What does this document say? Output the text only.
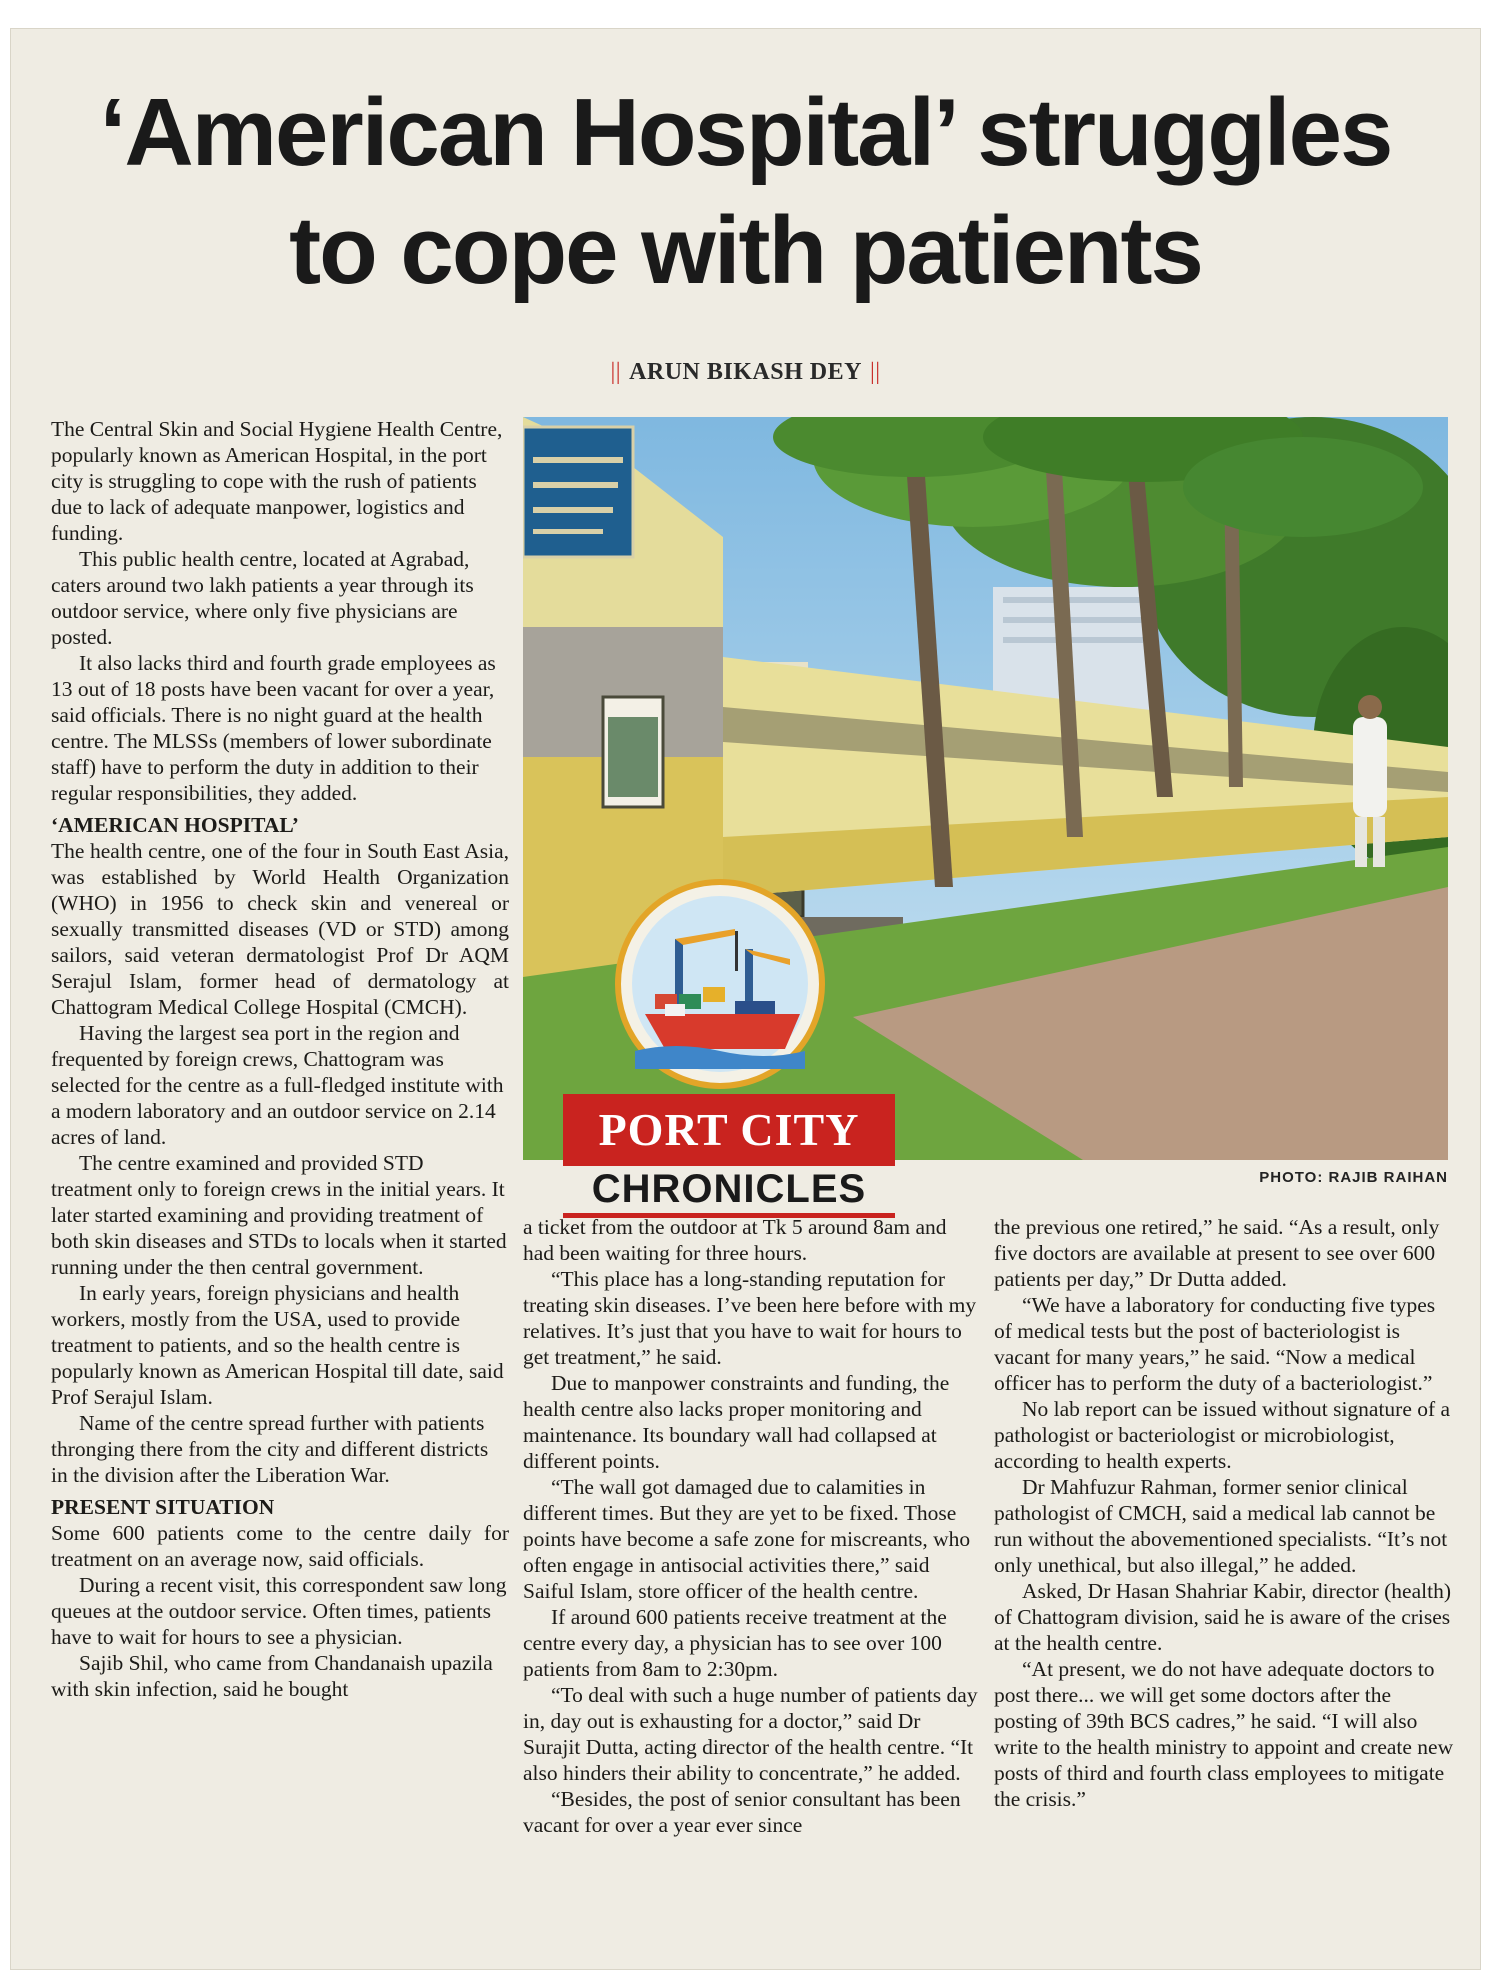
‘American Hospital’ struggles
to cope with patients
|| ARUN BIKASH DEY ||

The Central Skin and Social Hygiene Health Centre, popularly known as American Hospital, in the port city is struggling to cope with the rush of patients due to lack of adequate manpower, logistics and funding.

This public health centre, located at Agrabad, caters around two lakh patients a year through its outdoor service, where only five physicians are posted.

It also lacks third and fourth grade employees as 13 out of 18 posts have been vacant for over a year, said officials. There is no night guard at the health centre. The MLSSs (members of lower subordinate staff) have to perform the duty in addition to their regular responsibilities, they added.

‘AMERICAN HOSPITAL’

The health centre, one of the four in South East Asia, was established by World Health Organization (WHO) in 1956 to check skin and venereal or sexually transmitted diseases (VD or STD) among sailors, said veteran dermatologist Prof Dr AQM Serajul Islam, former head of dermatology at Chattogram Medical College Hospital (CMCH).

Having the largest sea port in the region and frequented by foreign crews, Chattogram was selected for the centre as a full-fledged institute with a modern laboratory and an outdoor service on 2.14 acres of land.

The centre examined and provided STD treatment only to foreign crews in the initial years. It later started examining and providing treatment of both skin diseases and STDs to locals when it started running under the then central government.

In early years, foreign physicians and health workers, mostly from the USA, used to provide treatment to patients, and so the health centre is popularly known as American Hospital till date, said Prof Serajul Islam.

Name of the centre spread further with patients thronging there from the city and different districts in the division after the Liberation War.

PRESENT SITUATION

Some 600 patients come to the centre daily for treatment on an average now, said officials.

During a recent visit, this correspondent saw long queues at the outdoor service. Often times, patients have to wait for hours to see a physician.

Sajib Shil, who came from Chandanaish upazila with skin infection, said he bought

PHOTO: RAJIB RAIHAN
PORT CITY
CHRONICLES

a ticket from the outdoor at Tk 5 around 8am and had been waiting for three hours.

“This place has a long-standing reputation for treating skin diseases. I’ve been here before with my relatives. It’s just that you have to wait for hours to get treatment,” he said.

Due to manpower constraints and funding, the health centre also lacks proper monitoring and maintenance. Its boundary wall had collapsed at different points.

“The wall got damaged due to calamities in different times. But they are yet to be fixed. Those points have become a safe zone for miscreants, who often engage in antisocial activities there,” said Saiful Islam, store officer of the health centre.

If around 600 patients receive treatment at the centre every day, a physician has to see over 100 patients from 8am to 2:30pm.

“To deal with such a huge number of patients day in, day out is exhausting for a doctor,” said Dr Surajit Dutta, acting director of the health centre. “It also hinders their ability to concentrate,” he added.

“Besides, the post of senior consultant has been vacant for over a year ever since

the previous one retired,” he said. “As a result, only five doctors are available at present to see over 600 patients per day,” Dr Dutta added.

“We have a laboratory for conducting five types of medical tests but the post of bacteriologist is vacant for many years,” he said. “Now a medical officer has to perform the duty of a bacteriologist.”

No lab report can be issued without signature of a pathologist or bacteriologist or microbiologist, according to health experts.

Dr Mahfuzur Rahman, former senior clinical pathologist of CMCH, said a medical lab cannot be run without the abovementioned specialists. “It’s not only unethical, but also illegal,” he added.

Asked, Dr Hasan Shahriar Kabir, director (health) of Chattogram division, said he is aware of the crises at the health centre.

“At present, we do not have adequate doctors to post there... we will get some doctors after the posting of 39th BCS cadres,” he said. “I will also write to the health ministry to appoint and create new posts of third and fourth class employees to mitigate the crisis.”
